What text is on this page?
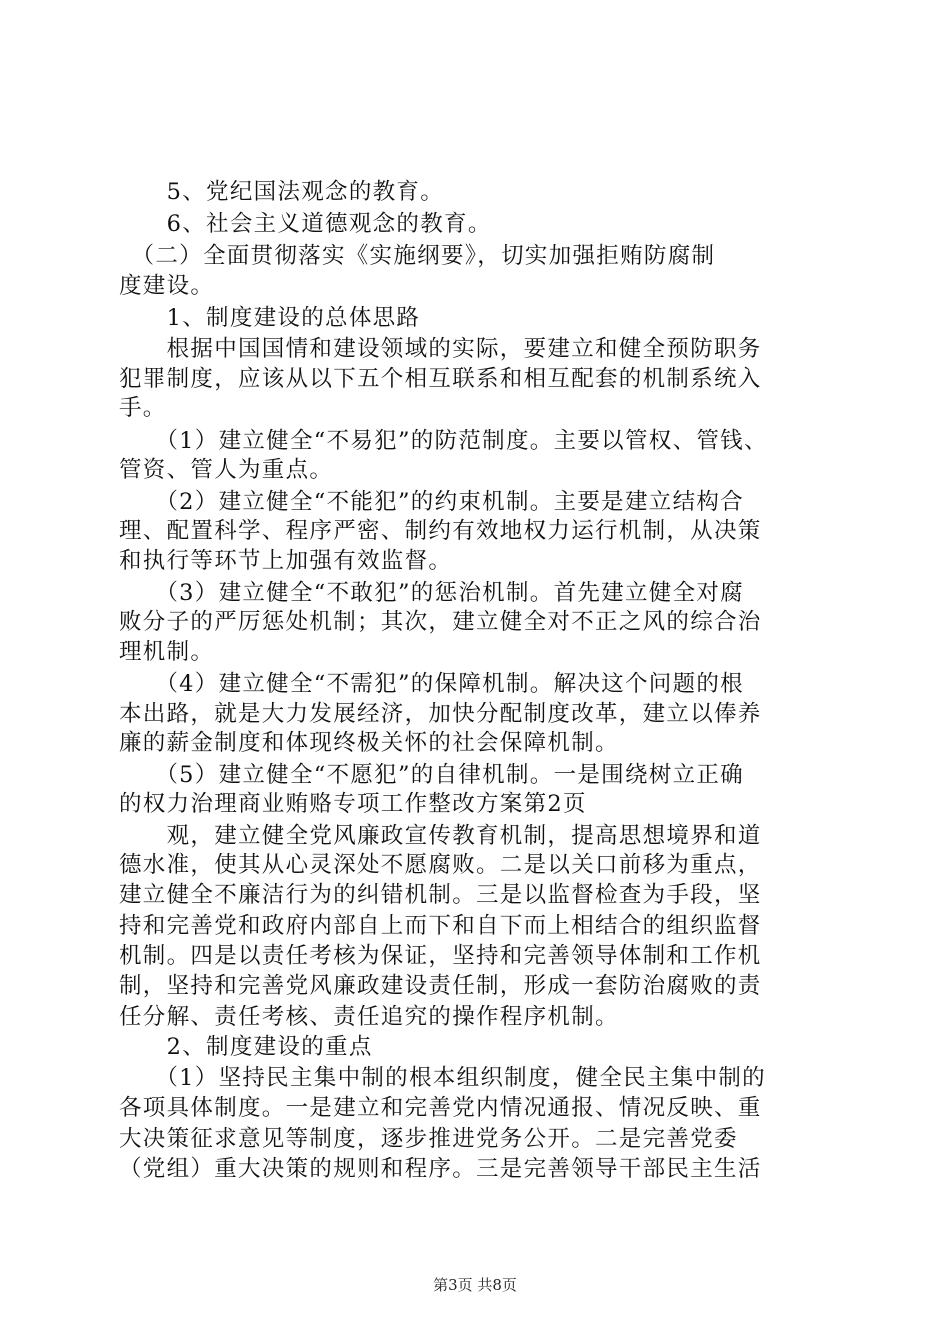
　　5、党纪国法观念的教育。
　　6、社会主义道德观念的教育。
　（二）全面贯彻落实《实施纲要》，切实加强拒贿防腐制
度建设。
　　1、制度建设的总体思路
　　根据中国国情和建设领域的实际，要建立和健全预防职务
犯罪制度，应该从以下五个相互联系和相互配套的机制系统入
手。
　　（1）建立健全“不易犯”的防范制度。主要以管权、管钱、
管资、管人为重点。
　　（2）建立健全“不能犯”的约束机制。主要是建立结构合
理、配置科学、程序严密、制约有效地权力运行机制，从决策
和执行等环节上加强有效监督。
　　（3）建立健全“不敢犯”的惩治机制。首先建立健全对腐
败分子的严厉惩处机制；其次，建立健全对不正之风的综合治
理机制。
　　（4）建立健全“不需犯”的保障机制。解决这个问题的根
本出路，就是大力发展经济，加快分配制度改革，建立以俸养
廉的薪金制度和体现终极关怀的社会保障机制。
　　（5）建立健全“不愿犯”的自律机制。一是围绕树立正确
的权力治理商业贿赂专项工作整改方案第2页
　　观，建立健全党风廉政宣传教育机制，提高思想境界和道
德水准，使其从心灵深处不愿腐败。二是以关口前移为重点，
建立健全不廉洁行为的纠错机制。三是以监督检查为手段，坚
持和完善党和政府内部自上而下和自下而上相结合的组织监督
机制。四是以责任考核为保证，坚持和完善领导体制和工作机
制，坚持和完善党风廉政建设责任制，形成一套防治腐败的责
任分解、责任考核、责任追究的操作程序机制。
　　2、制度建设的重点
　　（1）坚持民主集中制的根本组织制度，健全民主集中制的
各项具体制度。一是建立和完善党内情况通报、情况反映、重
大决策征求意见等制度，逐步推进党务公开。二是完善党委
（党组）重大决策的规则和程序。三是完善领导干部民主生活
第3页 共8页
